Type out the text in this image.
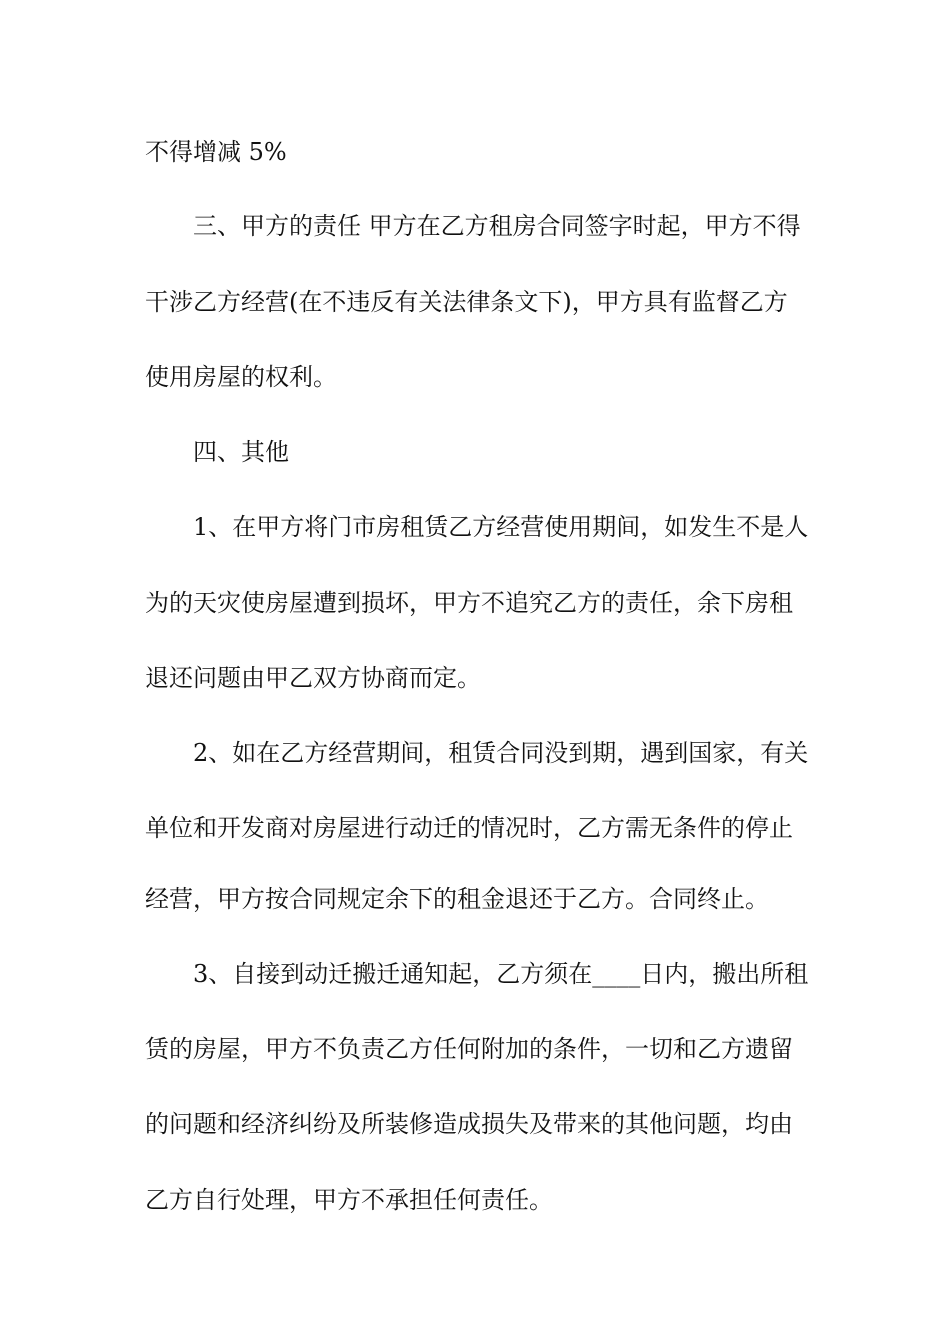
不得增减 5%

三、甲方的责任 甲方在乙方租房合同签字时起，甲方不得

干涉乙方经营(在不违反有关法律条文下)，甲方具有监督乙方

使用房屋的权利。

四、其他

1、在甲方将门市房租赁乙方经营使用期间，如发生不是人

为的天灾使房屋遭到损坏，甲方不追究乙方的责任，余下房租

退还问题由甲乙双方协商而定。

2、如在乙方经营期间，租赁合同没到期，遇到国家，有关

单位和开发商对房屋进行动迁的情况时，乙方需无条件的停止

经营，甲方按合同规定余下的租金退还于乙方。合同终止。

3、自接到动迁搬迁通知起，乙方须在____日内，搬出所租

赁的房屋，甲方不负责乙方任何附加的条件，一切和乙方遗留

的问题和经济纠纷及所装修造成损失及带来的其他问题，均由

乙方自行处理，甲方不承担任何责任。
